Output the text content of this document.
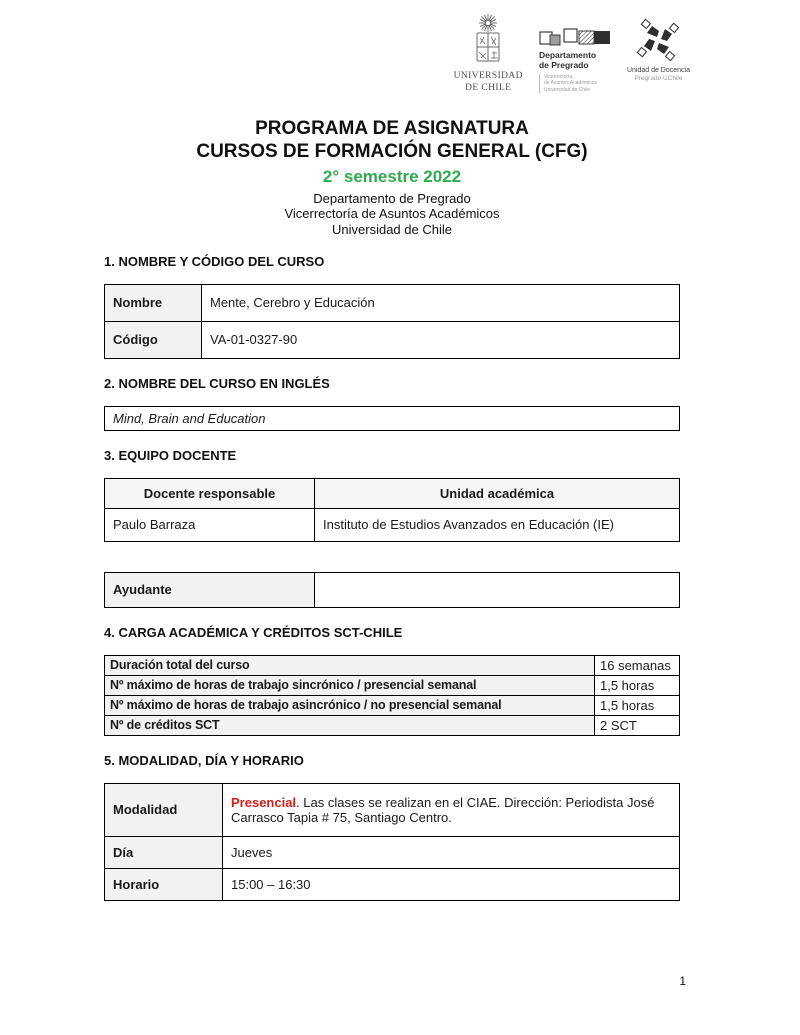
UNIVERSIDAD
DE CHILE
Departamento
de Pregrado
Vicerrectoría
de Asuntos Académicos
Universidad de Chile
Unidad de Docencia
Pregrado UChile
PROGRAMA DE ASIGNATURA
CURSOS DE FORMACIÓN GENERAL (CFG)
2° semestre 2022
Departamento de Pregrado
Vicerrectoría de Asuntos Académicos
Universidad de Chile
1. NOMBRE Y CÓDIGO DEL CURSO
Nombre	Mente, Cerebro y Educación
Código	VA-01-0327-90
2. NOMBRE DEL CURSO EN INGLÉS
Mind, Brain and Education
3. EQUIPO DOCENTE
Docente responsable	Unidad académica
Paulo Barraza	Instituto de Estudios Avanzados en Educación (IE)
Ayudante	
4. CARGA ACADÉMICA Y CRÉDITOS SCT-CHILE
Duración total del curso	16 semanas
Nº máximo de horas de trabajo sincrónico / presencial semanal	1,5 horas
Nº máximo de horas de trabajo asincrónico / no presencial semanal	1,5 horas
Nº de créditos SCT	2 SCT
5. MODALIDAD, DÍA Y HORARIO
Modalidad	Presencial. Las clases se realizan en el CIAE. Dirección: Periodista José Carrasco Tapia # 75, Santiago Centro.
Día	Jueves
Horario	15:00 – 16:30
1
